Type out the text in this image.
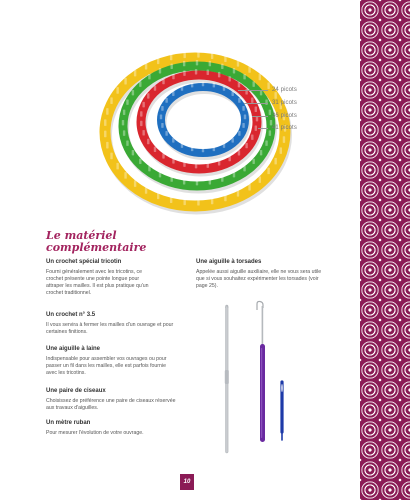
24 picots
31 picots
36 picots
41 picots
Le matériel complémentaire

Un crochet spécial tricotin

Fourni généralement avec les tricotins, ce crochet présente une pointe longue pour attraper les mailles. Il est plus pratique qu'un crochet traditionnel.

Un crochet n° 3.5

Il vous servira à fermer les mailles d'un ouvrage et pour certaines finitions.

Une aiguille à laine

Indispensable pour assembler vos ouvrages ou pour passer un fil dans les mailles, elle est parfois fournie avec les tricotins.

Une paire de ciseaux

Choisissez de préférence une paire de ciseaux réservée aux travaux d'aiguilles.

Un mètre ruban

Pour mesurer l'évolution de votre ouvrage.

Une aiguille à torsades

Appelée aussi aiguille auxiliaire, elle ne vous sera utile que si vous souhaitez expérimenter les torsades (voir page 25).

10
